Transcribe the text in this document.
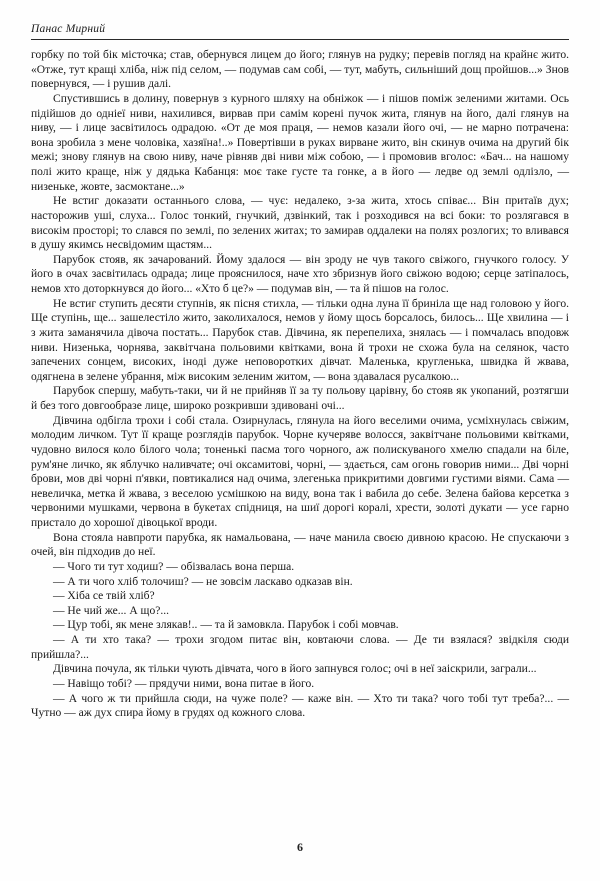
Панас Мирний

горбку по той бік місточка; став, обернувся лицем до його; глянув на рудку; перевів погляд на крайнє жито. «Отже, тут кращі хліба, ніж під селом, — подумав сам собі, — тут, мабуть, сильніший дощ пройшов...» Знов повернувся, — і рушив далі.

Спустившись в долину, повернув з курного шляху на обніжок — і пішов поміж зеленими житами. Ось підійшов до одніеї ниви, нахилився, вирвав при самім корені пучок жита, глянув на його, далі глянув на ниву, — і лице засвітилось одрадою. «От де моя праця, — немов казали його очі, — не марно потрачена: вона зробила з мене чоловіка, хазяїна!..» Повертівши в руках вирване жито, він скинув очима на другий бік межі; знову глянув на свою ниву, наче рівняв дві ниви між собою, — і промовив вголос: «Бач... на нашому полі жито краще, ніж у дядька Кабанця: моє таке густе та гонке, а в його — ледве од землі одлізло, — низеньке, жовте, засмоктане...»

Не встиг доказати останнього слова, — чує: недалеко, з-за жита, хтось співає... Він притаїв дух; насторожив уші, слуха... Голос тонкий, гнучкий, дзвінкий, так і розходився на всі боки: то розлягався в високім просторі; то слався по землі, по зелених житах; то замирав оддалеки на полях розлогих; то вливався в душу якимсь несвідомим щастям...

Парубок стояв, як зачарований. Йому здалося — він зроду не чув такого свіжого, гнучкого голосу. У його в очах засвітилась одрада; лице прояснилося, наче хто збризнув його свіжою водою; серце затіпалось, немов хто доторкнувся до його... «Хто б це?» — подумав він, — та й пішов на голос.

Не встиг ступить десяти ступнів, як пісня стихла, — тільки одна луна її бриніла ще над головою у його. Ще ступінь, ще... зашелестіло жито, заколихалося, немов у йому щось борсалось, билось... Ще хвилина — і з жита заманячила дівоча постать... Парубок став. Дівчина, як перепелиха, знялась — і помчалась вподовж ниви. Низенька, чорнява, заквітчана польовими квітками, вона й трохи не схожа була на селянок, часто запечених сонцем, високих, іноді дуже неповоротких дівчат. Маленька, кругленька, швидка й жвава, одягнена в зелене убрання, між високим зеленим житом, — вона здавалася русалкою...

Парубок спершу, мабуть-таки, чи й не прийняв її за ту польову царівну, бо стояв як укопаний, розтягши й без того довгообразе лице, широко розкривши здивовані очі...

Дівчина одбігла трохи і собі стала. Озирнулась, глянула на його веселими очима, усміхнулась свіжим, молодим личком. Тут її краще розглядів парубок. Чорне кучеряве волосся, заквітчане польовими квітками, чудовно вилося коло білого чола; тоненькі пасма того чорного, аж полискуваного хмелю спадали на біле, рум'яне личко, як яблучко наливчате; очі оксамитові, чорні, — здається, сам огонь говорив ними... Дві чорні брови, мов дві чорні п'явки, повтикалися над очима, злегенька прикритими довгими густими віями. Сама — невеличка, метка й жвава, з веселою усмішкою на виду, вона так і вабила до себе. Зелена байова керсетка з червоними мушками, червона в букетах спідниця, на шиї дорогі коралі, хрести, золоті дукати — усе гарно пристало до хорошої дівоцької вроди.

Вона стояла навпроти парубка, як намальована, — наче манила своєю дивною красою. Не спускаючи з очей, він підходив до неї.

— Чого ти тут ходиш? — обізвалась вона перша.

— А ти чого хліб толочиш? — не зовсім ласкаво одказав він.

— Хіба се твій хліб?

— Не чий же... А що?...

— Цур тобі, як мене злякав!.. — та й замовкла. Парубок і собі мовчав.

— А ти хто така? — трохи згодом питає він, ковтаючи слова. — Де ти взялася? звідкіля сюди прийшла?...

Дівчина почула, як тільки чують дівчата, чого в його запнувся голос; очі в неї заіскрили, заграли...

— Навіщо тобі? — прядучи ними, вона питае в його.

— А чого ж ти прийшла сюди, на чуже поле? — каже він. — Хто ти така? чого тобі тут треба?... — Чутно — аж дух спира йому в грудях од кожного слова.

6
